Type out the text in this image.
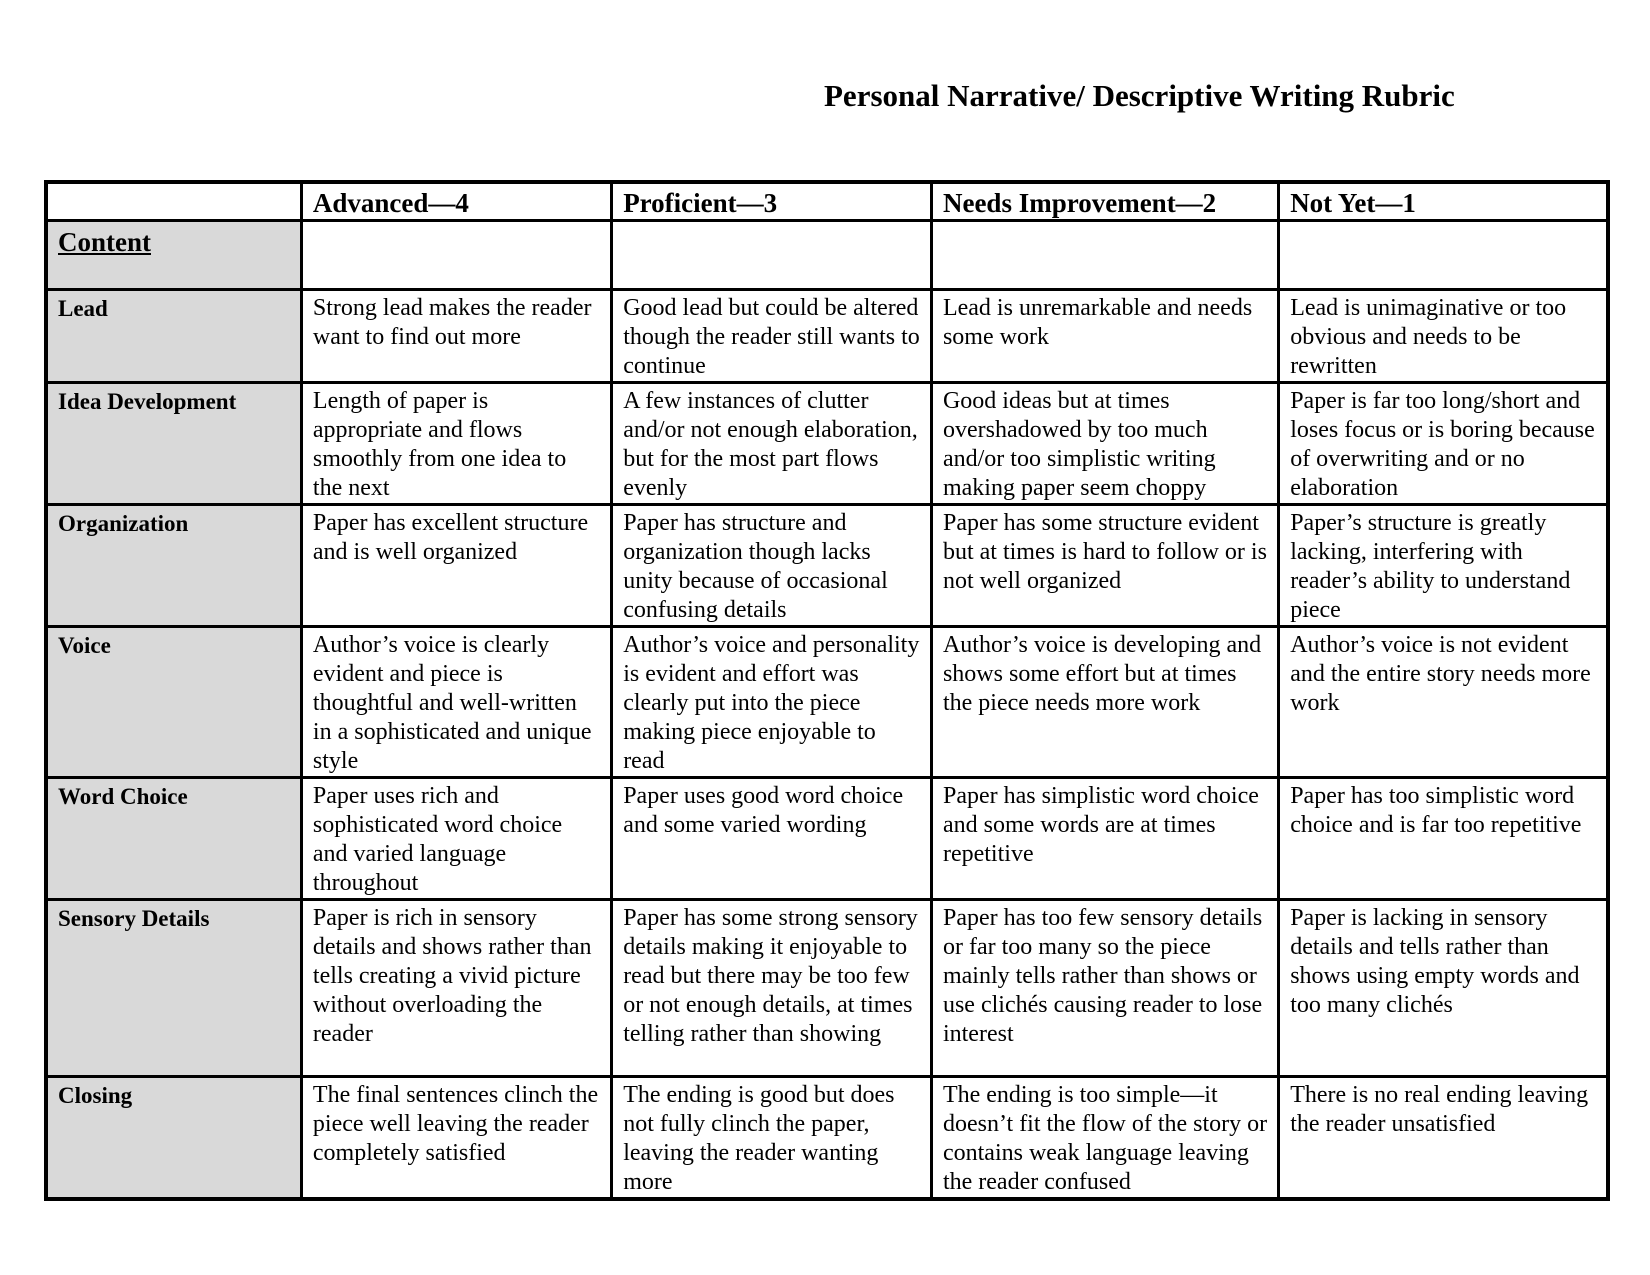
Personal Narrative/ Descriptive Writing Rubric
	Advanced—4	Proficient—3	Needs Improvement—2	Not Yet—1
Content				
Lead	Strong lead makes the reader want to find out more	Good lead but could be altered though the reader still wants to continue	Lead is unremarkable and needs some work	Lead is unimaginative or too obvious and needs to be rewritten
Idea Development	Length of paper is appropriate and flows smoothly from one idea to the next	A few instances of clutter and/or not enough elaboration, but for the most part flows evenly	Good ideas but at times overshadowed by too much and/or too simplistic writing making paper seem choppy	Paper is far too long/short and loses focus or is boring because of overwriting and or no elaboration
Organization	Paper has excellent structure and is well organized	Paper has structure and organization though lacks unity because of occasional confusing details	Paper has some structure evident but at times is hard to follow or is not well organized	Paper’s structure is greatly lacking, interfering with reader’s ability to understand piece
Voice	Author’s voice is clearly evident and piece is thoughtful and well-written in a sophisticated and unique style	Author’s voice and personality is evident and effort was clearly put into the piece making piece enjoyable to read	Author’s voice is developing and shows some effort but at times the piece needs more work	Author’s voice is not evident and the entire story needs more work
Word Choice	Paper uses rich and sophisticated word choice and varied language throughout	Paper uses good word choice and some varied wording	Paper has simplistic word choice and some words are at times repetitive	Paper has too simplistic word choice and is far too repetitive
Sensory Details	Paper is rich in sensory details and shows rather than tells creating a vivid picture without overloading the reader	Paper has some strong sensory details making it enjoyable to read but there may be too few or not enough details, at times telling rather than showing	Paper has too few sensory details or far too many so the piece mainly tells rather than shows or use clichés causing reader to lose interest	Paper is lacking in sensory details and tells rather than shows using empty words and too many clichés
Closing	The final sentences clinch the piece well leaving the reader completely satisfied	The ending is good but does not fully clinch the paper, leaving the reader wanting more	The ending is too simple—it doesn’t fit the flow of the story or contains weak language leaving the reader confused	There is no real ending leaving the reader unsatisfied
